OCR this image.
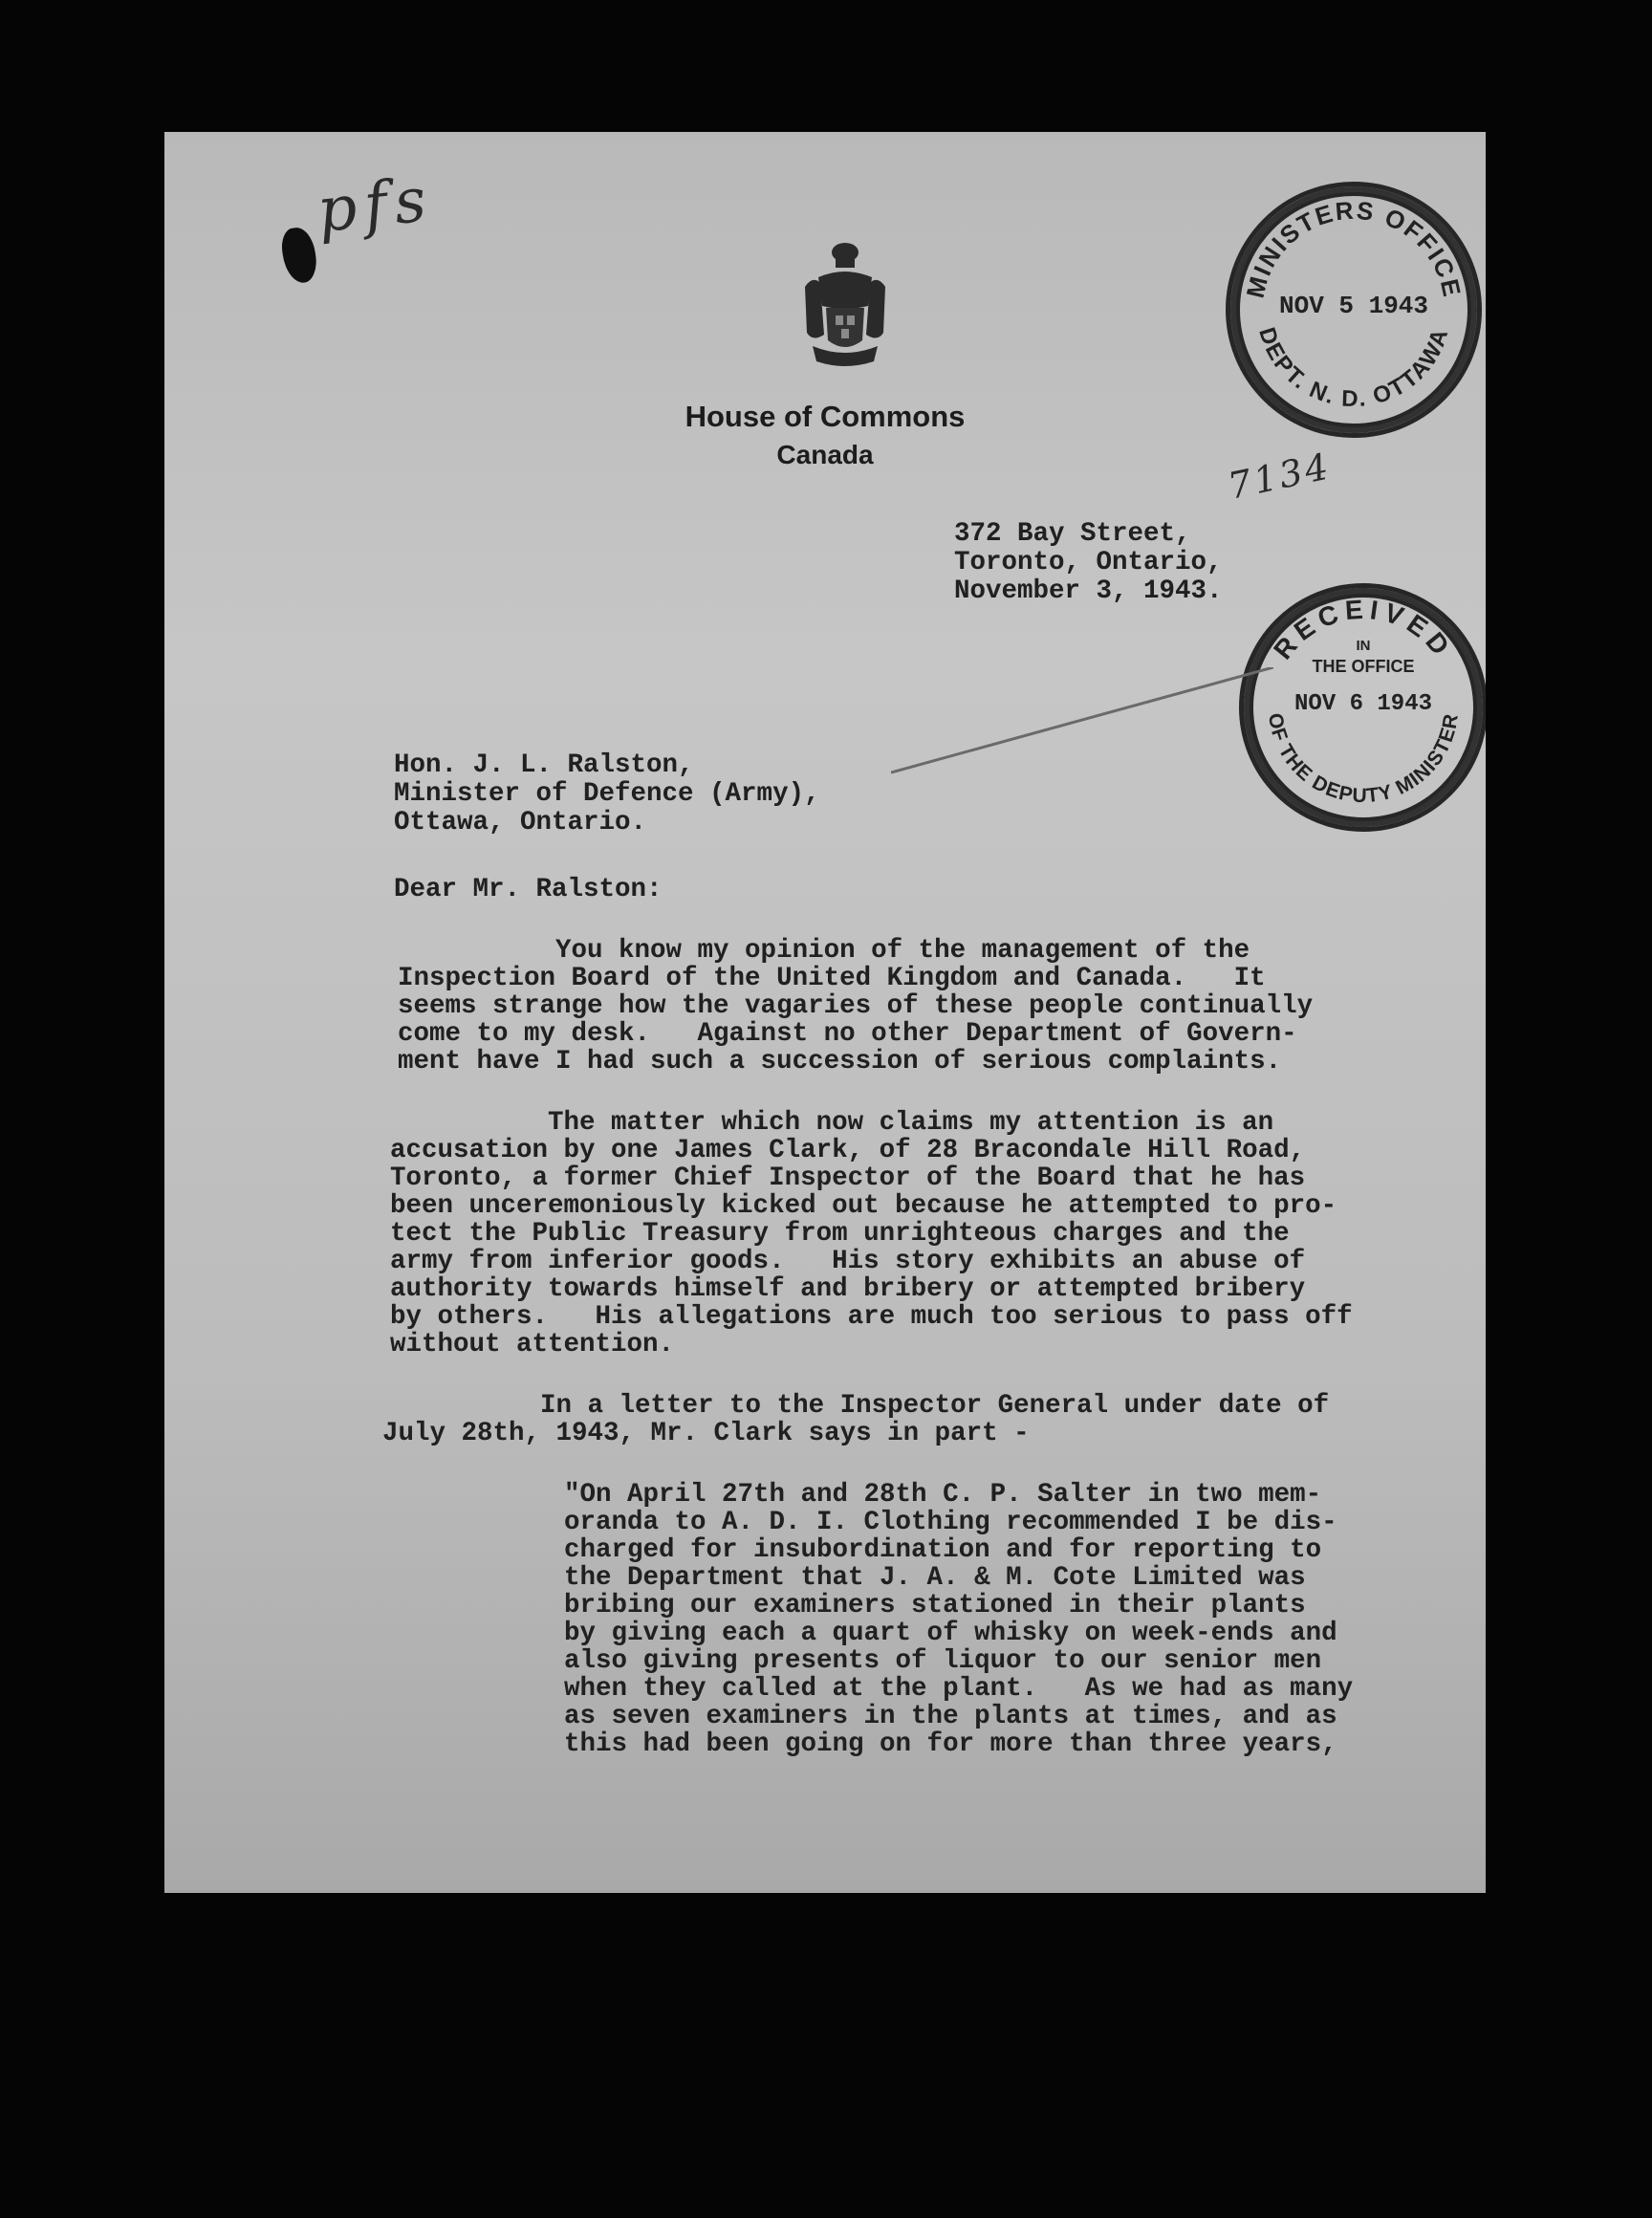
pfs
House of Commons
Canada
MINISTERS OFFICE
DEPT. N. D. OTTAWA
NOV 5 1943
7134
372 Bay Street,
Toronto, Ontario,
November 3, 1943.
RECEIVED
OF THE DEPUTY MINISTER
IN
THE OFFICE
NOV 6 1943
Hon. J. L. Ralston,
Minister of Defence (Army),
Ottawa, Ontario.
Dear Mr. Ralston:
You know my opinion of the management of the
Inspection Board of the United Kingdom and Canada.   It
seems strange how the vagaries of these people continually
come to my desk.   Against no other Department of Govern-
ment have I had such a succession of serious complaints.
The matter which now claims my attention is an
accusation by one James Clark, of 28 Bracondale Hill Road,
Toronto, a former Chief Inspector of the Board that he has
been unceremoniously kicked out because he attempted to pro-
tect the Public Treasury from unrighteous charges and the
army from inferior goods.   His story exhibits an abuse of
authority towards himself and bribery or attempted bribery
by others.   His allegations are much too serious to pass off
without attention.
In a letter to the Inspector General under date of
July 28th, 1943, Mr. Clark says in part -
"On April 27th and 28th C. P. Salter in two mem-
oranda to A. D. I. Clothing recommended I be dis-
charged for insubordination and for reporting to
the Department that J. A. & M. Cote Limited was
bribing our examiners stationed in their plants
by giving each a quart of whisky on week-ends and
also giving presents of liquor to our senior men
when they called at the plant.   As we had as many
as seven examiners in the plants at times, and as
this had been going on for more than three years,
